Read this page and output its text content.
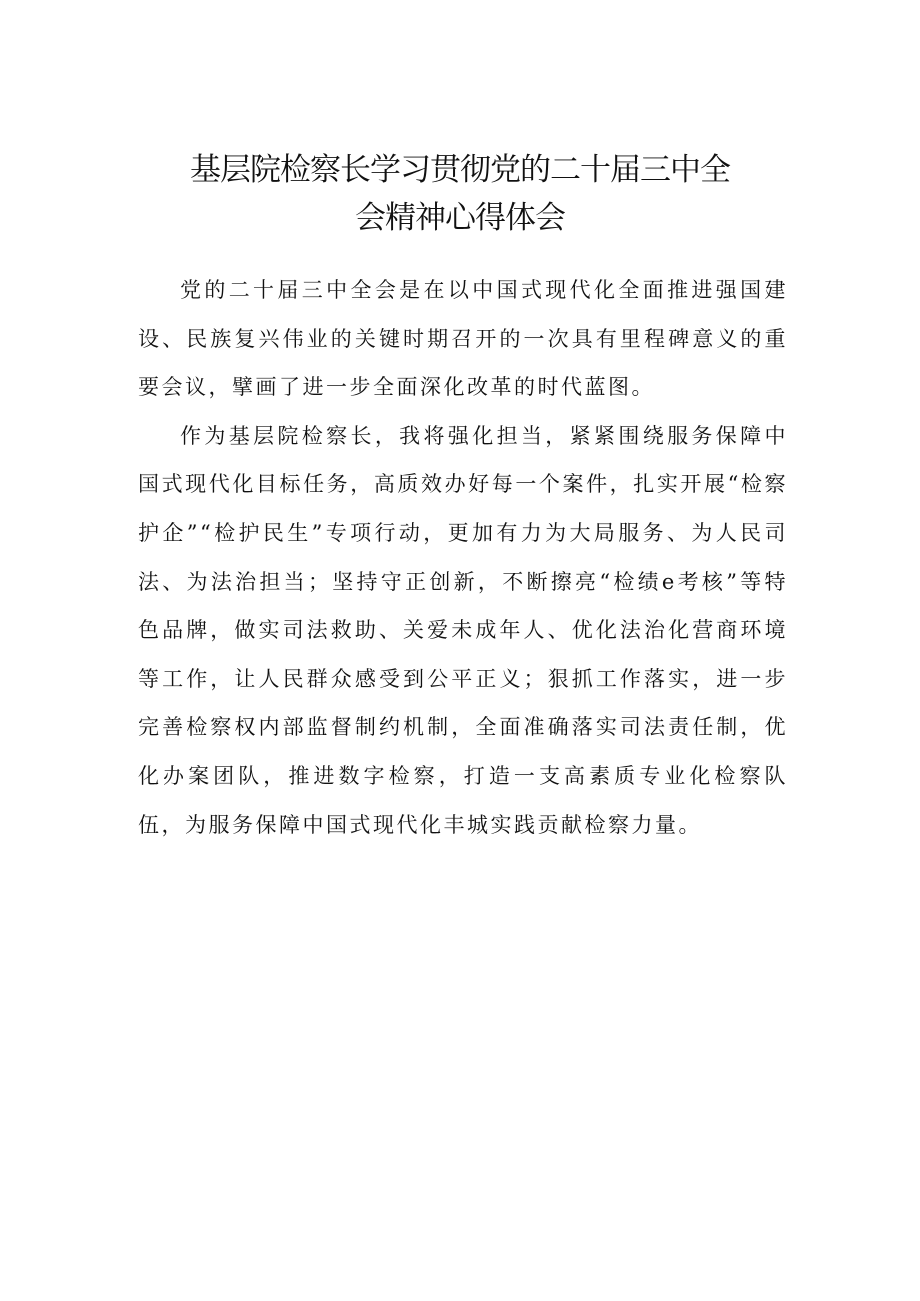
基层院检察长学习贯彻党的二十届三中全
会精神心得体会

党的二十届三中全会是在以中国式现代化全面推进强国建设、民族复兴伟业的关键时期召开的一次具有里程碑意义的重要会议，擘画了进一步全面深化改革的时代蓝图。

作为基层院检察长，我将强化担当，紧紧围绕服务保障中国式现代化目标任务，高质效办好每一个案件，扎实开展“检察护企”“检护民生”专项行动，更加有力为大局服务、为人民司法、为法治担当；坚持守正创新，不断擦亮“检绩e考核”等特色品牌，做实司法救助、关爱未成年人、优化法治化营商环境等工作，让人民群众感受到公平正义；狠抓工作落实，进一步完善检察权内部监督制约机制，全面准确落实司法责任制，优化办案团队，推进数字检察，打造一支高素质专业化检察队伍，为服务保障中国式现代化丰城实践贡献检察力量。
